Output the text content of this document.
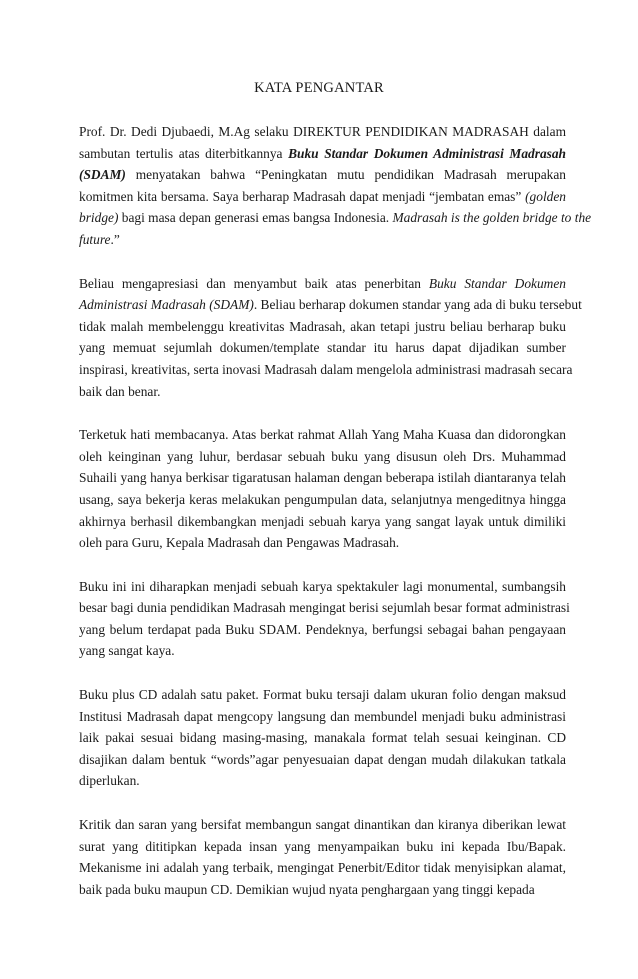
KATA PENGANTAR

Prof. Dr. Dedi Djubaedi, M.Ag selaku DIREKTUR PENDIDIKAN MADRASAH dalam
sambutan tertulis atas diterbitkannya Buku Standar Dokumen Administrasi Madrasah
(SDAM) menyatakan bahwa “Peningkatan mutu pendidikan Madrasah merupakan
komitmen kita bersama. Saya berharap Madrasah dapat menjadi “jembatan emas” (golden
bridge) bagi masa depan generasi emas bangsa Indonesia. Madrasah is the golden bridge to the
future.”

Beliau mengapresiasi dan menyambut baik atas penerbitan Buku Standar Dokumen
Administrasi Madrasah (SDAM). Beliau berharap dokumen standar yang ada di buku tersebut
tidak malah membelenggu kreativitas Madrasah, akan tetapi justru beliau berharap buku
yang memuat sejumlah dokumen/template standar itu harus dapat dijadikan sumber
inspirasi, kreativitas, serta inovasi Madrasah dalam mengelola administrasi madrasah secara
baik dan benar.

Terketuk hati membacanya. Atas berkat rahmat Allah Yang Maha Kuasa dan didorongkan
oleh keinginan yang luhur, berdasar sebuah buku yang disusun oleh Drs. Muhammad
Suhaili yang hanya berkisar tigaratusan halaman dengan beberapa istilah diantaranya telah
usang, saya bekerja keras melakukan pengumpulan data, selanjutnya mengeditnya hingga
akhirnya berhasil dikembangkan menjadi sebuah karya yang sangat layak untuk dimiliki
oleh para Guru, Kepala Madrasah dan Pengawas Madrasah.

Buku ini ini diharapkan menjadi sebuah karya spektakuler lagi monumental, sumbangsih
besar bagi dunia pendidikan Madrasah mengingat berisi sejumlah besar format administrasi
yang belum terdapat pada Buku SDAM. Pendeknya, berfungsi sebagai bahan pengayaan
yang sangat kaya.

Buku plus CD adalah satu paket. Format buku tersaji dalam ukuran folio dengan maksud
Institusi Madrasah dapat mengcopy langsung dan membundel menjadi buku administrasi
laik pakai sesuai bidang masing-masing, manakala format telah sesuai keinginan. CD
disajikan dalam bentuk “words”agar penyesuaian dapat dengan mudah dilakukan tatkala
diperlukan.

Kritik dan saran yang bersifat membangun sangat dinantikan dan kiranya diberikan lewat
surat yang dititipkan kepada insan yang menyampaikan buku ini kepada Ibu/Bapak.
Mekanisme ini adalah yang terbaik, mengingat Penerbit/Editor tidak menyisipkan alamat,
baik pada buku maupun CD. Demikian wujud nyata penghargaan yang tinggi kepada
